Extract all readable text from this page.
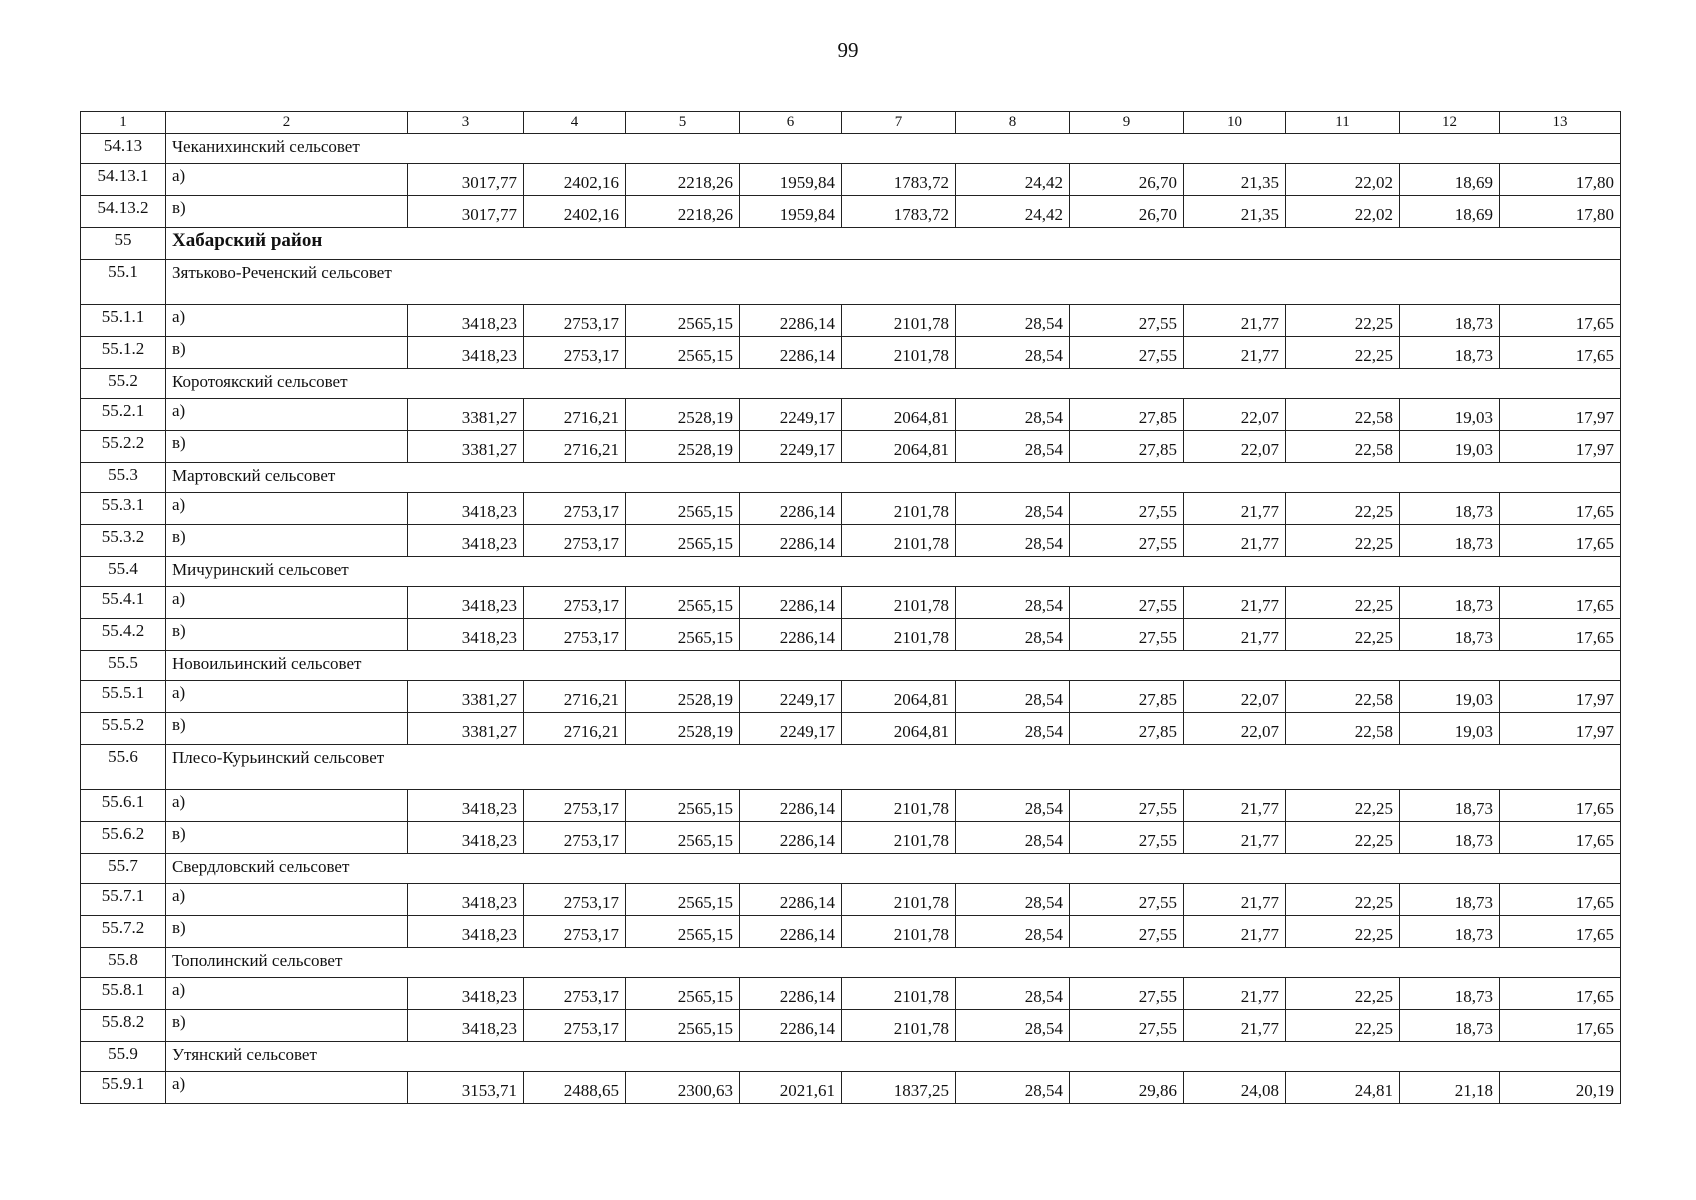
99
1	2	3	4	5	6	7	8	9	10	11	12	13
54.13	Чеканихинский сельсовет											
54.13.1	а)	3017,77	2402,16	2218,26	1959,84	1783,72	24,42	26,70	21,35	22,02	18,69	17,80
54.13.2	в)	3017,77	2402,16	2218,26	1959,84	1783,72	24,42	26,70	21,35	22,02	18,69	17,80
55	Хабарский район											
55.1	Зятьково-Реченский сельсовет											
55.1.1	а)	3418,23	2753,17	2565,15	2286,14	2101,78	28,54	27,55	21,77	22,25	18,73	17,65
55.1.2	в)	3418,23	2753,17	2565,15	2286,14	2101,78	28,54	27,55	21,77	22,25	18,73	17,65
55.2	Коротоякский сельсовет											
55.2.1	а)	3381,27	2716,21	2528,19	2249,17	2064,81	28,54	27,85	22,07	22,58	19,03	17,97
55.2.2	в)	3381,27	2716,21	2528,19	2249,17	2064,81	28,54	27,85	22,07	22,58	19,03	17,97
55.3	Мартовский сельсовет											
55.3.1	а)	3418,23	2753,17	2565,15	2286,14	2101,78	28,54	27,55	21,77	22,25	18,73	17,65
55.3.2	в)	3418,23	2753,17	2565,15	2286,14	2101,78	28,54	27,55	21,77	22,25	18,73	17,65
55.4	Мичуринский сельсовет											
55.4.1	а)	3418,23	2753,17	2565,15	2286,14	2101,78	28,54	27,55	21,77	22,25	18,73	17,65
55.4.2	в)	3418,23	2753,17	2565,15	2286,14	2101,78	28,54	27,55	21,77	22,25	18,73	17,65
55.5	Новоильинский сельсовет											
55.5.1	а)	3381,27	2716,21	2528,19	2249,17	2064,81	28,54	27,85	22,07	22,58	19,03	17,97
55.5.2	в)	3381,27	2716,21	2528,19	2249,17	2064,81	28,54	27,85	22,07	22,58	19,03	17,97
55.6	Плесо-Курьинский сельсовет											
55.6.1	а)	3418,23	2753,17	2565,15	2286,14	2101,78	28,54	27,55	21,77	22,25	18,73	17,65
55.6.2	в)	3418,23	2753,17	2565,15	2286,14	2101,78	28,54	27,55	21,77	22,25	18,73	17,65
55.7	Свердловский сельсовет											
55.7.1	а)	3418,23	2753,17	2565,15	2286,14	2101,78	28,54	27,55	21,77	22,25	18,73	17,65
55.7.2	в)	3418,23	2753,17	2565,15	2286,14	2101,78	28,54	27,55	21,77	22,25	18,73	17,65
55.8	Тополинский сельсовет											
55.8.1	а)	3418,23	2753,17	2565,15	2286,14	2101,78	28,54	27,55	21,77	22,25	18,73	17,65
55.8.2	в)	3418,23	2753,17	2565,15	2286,14	2101,78	28,54	27,55	21,77	22,25	18,73	17,65
55.9	Утянский сельсовет											
55.9.1	а)	3153,71	2488,65	2300,63	2021,61	1837,25	28,54	29,86	24,08	24,81	21,18	20,19
